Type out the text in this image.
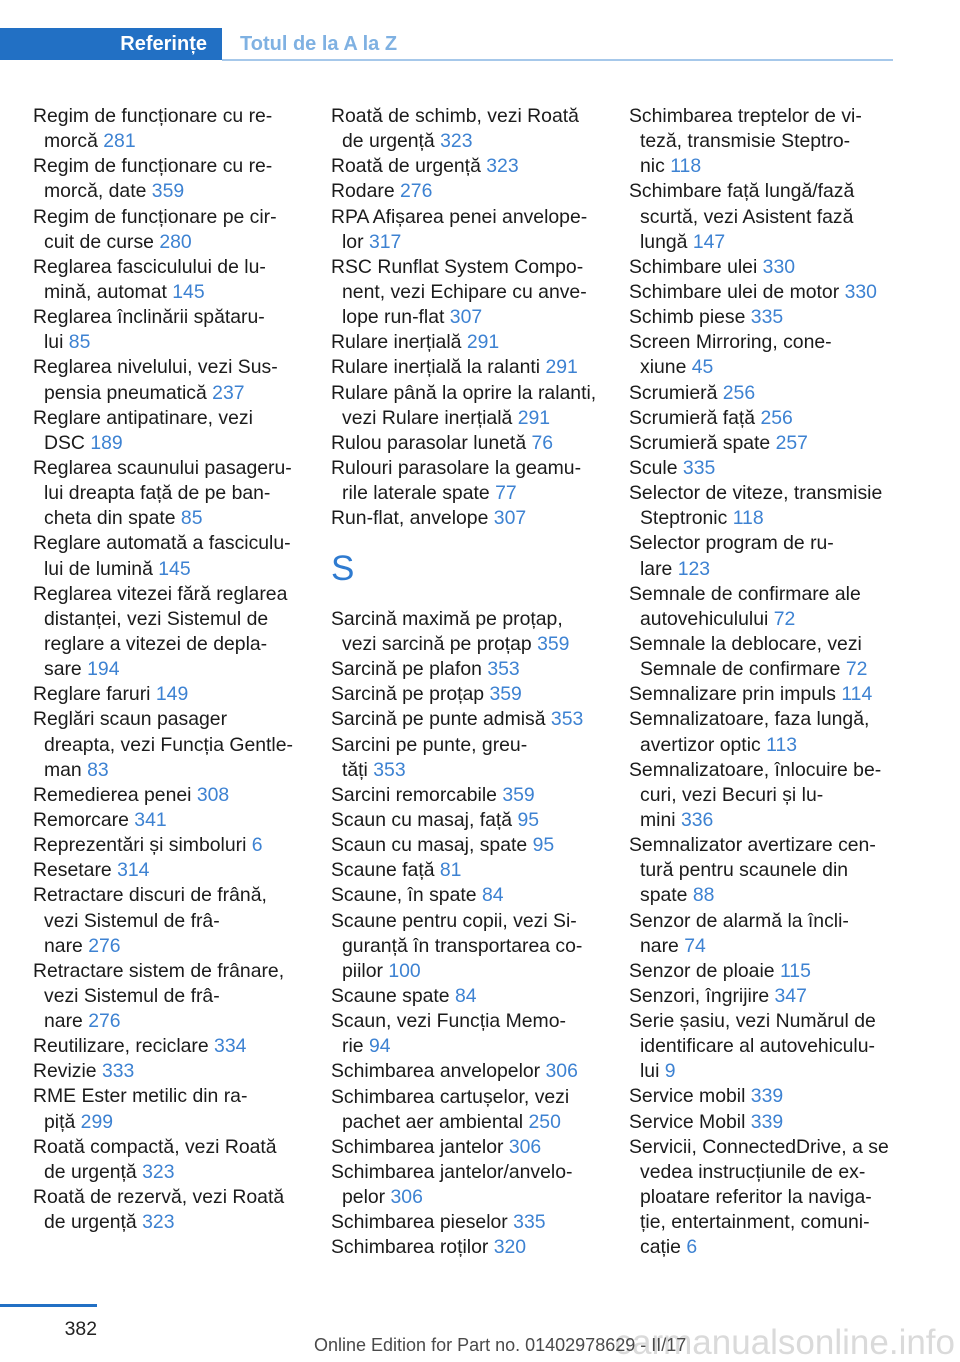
Referințe	Totul de la A la Z
Regim de funcționare cu re-
morcă 281
Regim de funcționare cu re-
morcă, date 359
Regim de funcționare pe cir-
cuit de curse 280
Reglarea fasciculului de lu-
mină, automat 145
Reglarea înclinării spătaru-
lui 85
Reglarea nivelului, vezi Sus-
pensia pneumatică 237
Reglare antipatinare, vezi
DSC 189
Reglarea scaunului pasageru-
lui dreapta față de pe ban-
cheta din spate 85
Reglare automată a fasciculu-
lui de lumină 145
Reglarea vitezei fără reglarea
distanței, vezi Sistemul de
reglare a vitezei de depla-
sare 194
Reglare faruri 149
Reglări scaun pasager
dreapta, vezi Funcția Gentle-
man 83
Remedierea penei 308
Remorcare 341
Reprezentări și simboluri 6
Resetare 314
Retractare discuri de frână,
vezi Sistemul de frâ-
nare 276
Retractare sistem de frânare,
vezi Sistemul de frâ-
nare 276
Reutilizare, reciclare 334
Revizie 333
RME Ester metilic din ra-
piță 299
Roată compactă, vezi Roată
de urgență 323
Roată de rezervă, vezi Roată
de urgență 323
Roată de schimb, vezi Roată
de urgență 323
Roată de urgență 323
Rodare 276
RPA Afișarea penei anvelope-
lor 317
RSC Runflat System Compo-
nent, vezi Echipare cu anve-
lope run-flat 307
Rulare inerțială 291
Rulare inerțială la ralanti 291
Rulare până la oprire la ralanti,
vezi Rulare inerțială 291
Rulou parasolar lunetă 76
Rulouri parasolare la geamu-
rile laterale spate 77
Run-flat, anvelope 307
S
Sarcină maximă pe proțap,
vezi sarcină pe proțap 359
Sarcină pe plafon 353
Sarcină pe proțap 359
Sarcină pe punte admisă 353
Sarcini pe punte, greu-
tăți 353
Sarcini remorcabile 359
Scaun cu masaj, față 95
Scaun cu masaj, spate 95
Scaune față 81
Scaune, în spate 84
Scaune pentru copii, vezi Si-
guranță în transportarea co-
piilor 100
Scaune spate 84
Scaun, vezi Funcția Memo-
rie 94
Schimbarea anvelopelor 306
Schimbarea cartușelor, vezi
pachet aer ambiental 250
Schimbarea jantelor 306
Schimbarea jantelor/anvelo-
pelor 306
Schimbarea pieselor 335
Schimbarea roților 320
Schimbarea treptelor de vi-
teză, transmisie Steptro-
nic 118
Schimbare față lungă/fază
scurtă, vezi Asistent fază
lungă 147
Schimbare ulei 330
Schimbare ulei de motor 330
Schimb piese 335
Screen Mirroring, cone-
xiune 45
Scrumieră 256
Scrumieră față 256
Scrumieră spate 257
Scule 335
Selector de viteze, transmisie
Steptronic 118
Selector program de ru-
lare 123
Semnale de confirmare ale
autovehiculului 72
Semnale la deblocare, vezi
Semnale de confirmare 72
Semnalizare prin impuls 114
Semnalizatoare, faza lungă,
avertizor optic 113
Semnalizatoare, înlocuire be-
curi, vezi Becuri și lu-
mini 336
Semnalizator avertizare cen-
tură pentru scaunele din
spate 88
Senzor de alarmă la încli-
nare 74
Senzor de ploaie 115
Senzori, îngrijire 347
Serie șasiu, vezi Numărul de
identificare al autovehiculu-
lui 9
Service mobil 339
Service Mobil 339
Servicii, ConnectedDrive, a se
vedea instrucțiunile de ex-
ploatare referitor la naviga-
ție, entertainment, comuni-
cație 6
382	carmanualsonline.info
Online Edition for Part no. 01402978629 - II/17
